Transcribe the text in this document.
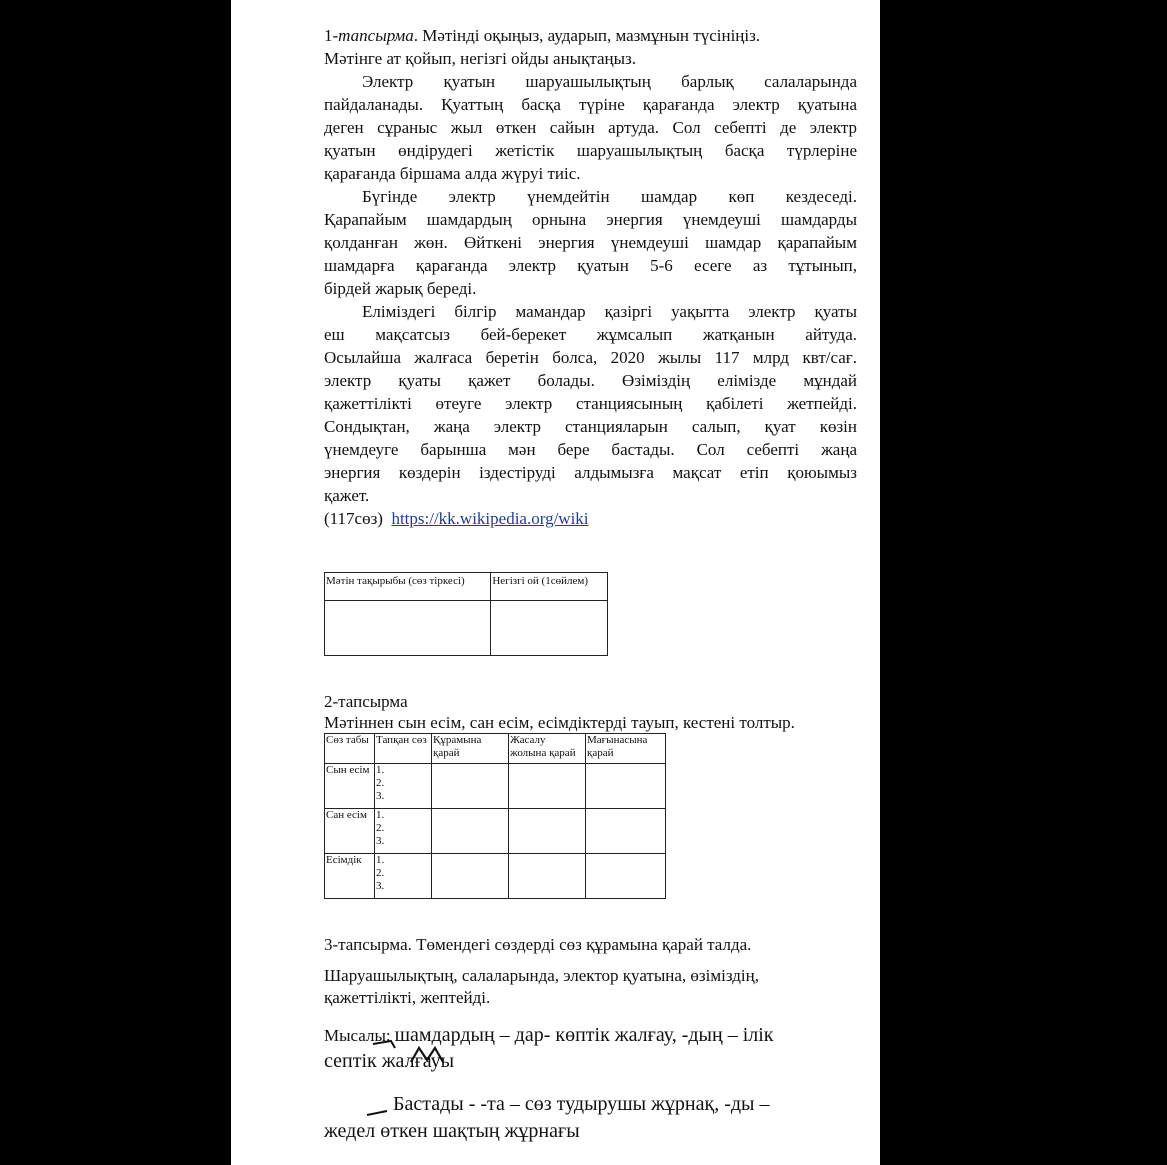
1-тапсырма. Мәтінді оқыңыз, аударып, мазмұнын түсініңіз.
Мәтінге ат қойып, негізгі ойды анықтаңыз.
Электр қуатын шаруашылықтың барлық салаларында
пайдаланады. Қуаттың басқа түріне қарағанда электр қуатына
деген сұраныс жыл өткен сайын артуда. Сол себепті де электр
қуатын өндірудегі жетістік шаруашылықтың басқа түрлеріне
қарағанда біршама алда жүруі тиіс.
Бүгінде электр үнемдейтін шамдар көп кездеседі.
Қарапайым шамдардың орнына энергия үнемдеуші шамдарды
қолданған жөн. Өйткені энергия үнемдеуші шамдар қарапайым
шамдарға қарағанда электр қуатын 5-6 есеге аз тұтынып,
бірдей жарық береді.
Еліміздегі білгір мамандар қазіргі уақытта электр қуаты
еш мақсатсыз бей-берекет жұмсалып жатқанын айтуда.
Осылайша жалғаса беретін болса, 2020 жылы 117 млрд квт/сағ.
электр қуаты қажет болады. Өзіміздің елімізде мұндай
қажеттілікті өтеуге электр станциясының қабілеті жетпейді.
Сондықтан, жаңа электр станцияларын салып, қуат көзін
үнемдеуге барынша мән бере бастады. Сол себепті жаңа
энергия көздерін іздестіруді алдымызға мақсат етіп қоюымыз
қажет.
(117сөз) https://kk.wikipedia.org/wiki
Мәтін тақырыбы (сөз тіркесі)	Негізгі ой (1сөйлем)

2-тапсырма
Мәтіннен сын есім, сан есім, есімдіктерді тауып, кестені толтыр.
Сөз табы	Тапқан сөз	Құрамына қарай	Жасалу жолына қарай	Мағынасына қарай
Сын есім	1.
2.
3.			

Сан есім	1.
2.
3.			

Есімдік	1.
2.
3.			

3-тапсырма. Төмендегі сөздерді сөз құрамына қарай талда.
Шаруашылықтың, салаларында, электор қуатына, өзіміздің,
қажеттілікті, жептейді.
Мысалы: шамдардың – дар- көптік жалғау, -дың – ілік
септік жалғауы
Бастады - -та – сөз тудырушы жұрнақ, -ды –
жедел өткен шақтың жұрнағы
